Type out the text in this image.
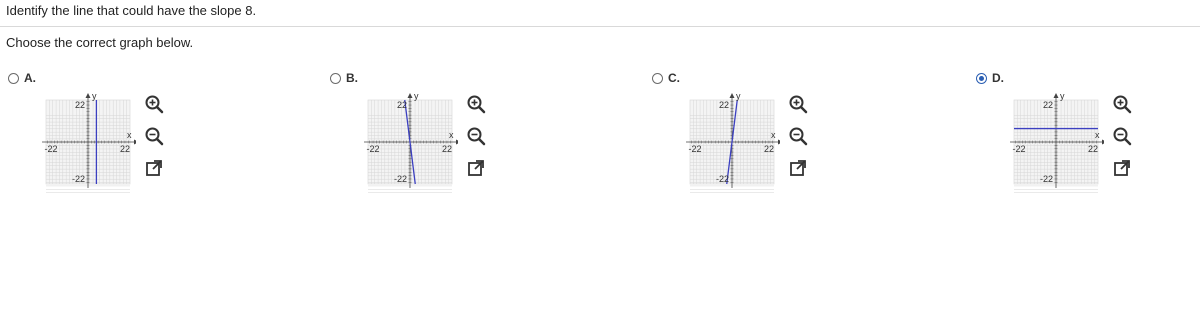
Identify the line that could have the slope 8.
Choose the correct graph below.
A.
y
x
22
-22
-22	22
B.
y
x
22
-22
-22	22
C.
y
x
22
-22
-22	22
D.
y
x
22
-22
-22	22
